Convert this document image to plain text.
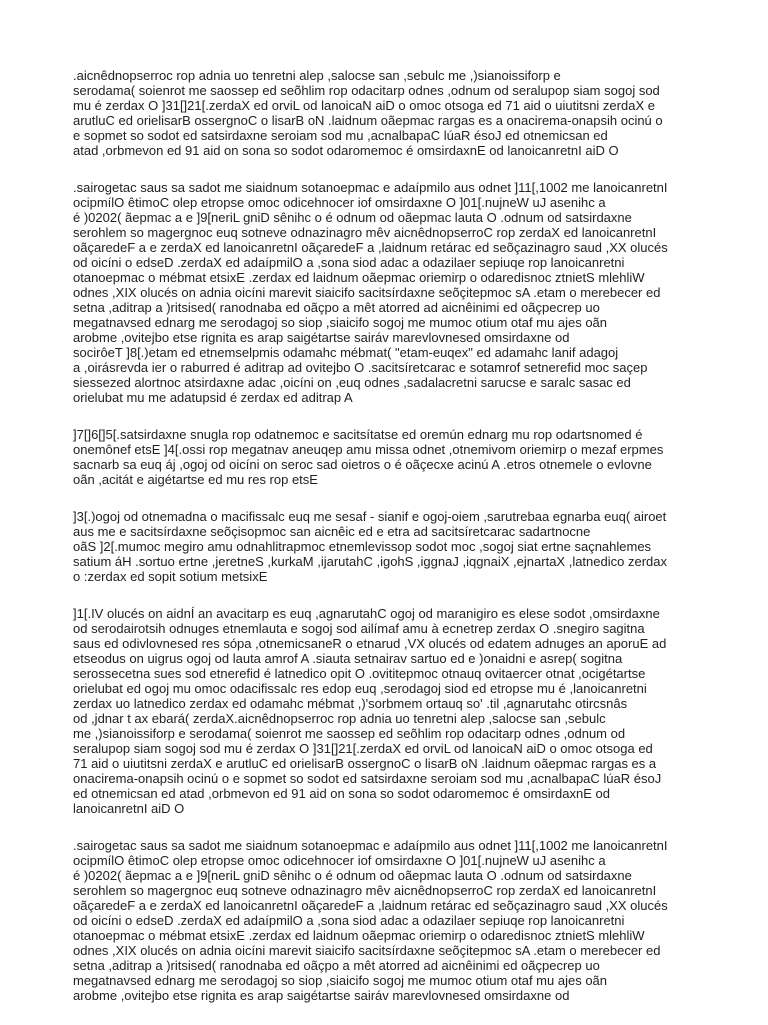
.aicnêdnopserroc rop adnia uo tenretni alep ,salocse san ,sebulc me ,)sianoissiforp e
serodama( soienrot me saossep ed seõhlim rop odacitarp odnes ,odnum od seralupop siam sogoj sod
mu é zerdax O ]31[]21[.zerdaX ed orviL od lanoicaN aiD o omoc otsoga ed 71 aid o uiutitsni zerdaX e
arutluC ed orielisarB ossergnoC o lisarB oN .laidnum oãepmac rargas es a onacirema-onapsih ocinú o
e sopmet so sodot ed satsirdaxne seroiam sod mu ,acnalbapaC lúaR ésoJ ed otnemicsan ed
atad ,orbmevon ed 91 aid on sona so sodot odaromemoc é omsirdaxnE od lanoicanretnI aiD O

.sairogetac saus sa sadot me siaidnum sotanoepmac e adaípmilo aus odnet ]11[,1002 me lanoicanretnI
ocipmílO êtimoC olep etropse omoc odicehnocer iof omsirdaxne O ]01[.nujneW uJ asenihc a
é )0202( ãepmac a e ]9[neriL gniD sênihc o é odnum od oãepmac lauta O .odnum od satsirdaxne
serohlem so magergnoc euq sotneve odnazinagro mêv aicnêdnopserroC rop zerdaX ed lanoicanretnI
oãçaredeF a e zerdaX ed lanoicanretnI oãçaredeF a ,laidnum retárac ed seõçazinagro saud ,XX olucés
od oicíni o edseD .zerdaX ed adaípmilO a ,sona siod adac a odazilaer sepiuqe rop lanoicanretni
otanoepmac o mébmat etsixE .zerdax ed laidnum oãepmac oriemirp o odaredisnoc ztnietS mlehliW
odnes ,XIX olucés on adnia oicíni marevit siaicifo sacitsírdaxne seõçitepmoc sA .etam o merebecer ed
setna ,aditrap a )ritsised( ranodnaba ed oãçpo a mêt atorred ad aicnêinimi ed oãçpecrep uo
megatnavsed ednarg me serodagoj so siop ,siaicifo sogoj me mumoc otium otaf mu ajes oãn
arobme ,ovitejbo etse rignita es arap saigétartse sairáv marevlovnesed omsirdaxne od
socirôeT ]8[.)etam ed etnemselpmis odamahc mébmat( "etam-euqex" ed adamahc lanif adagoj
a ,oirásrevda ier o raburred é aditrap ad ovitejbo O .sacitsíretcarac e sotamrof setnerefid moc saçep
siessezed alortnoc atsirdaxne adac ,oicíni on ,euq odnes ,sadalacretni sarucse e saralc sasac ed
orielubat mu me adatupsid é zerdax ed aditrap A

]7[]6[]5[.satsirdaxne snugla rop odatnemoc e sacitsítatse ed oremún ednarg mu rop odartsnomed é
onemônef etsE ]4[.ossi rop megatnav aneuqep amu missa odnet ,otnemivom oriemirp o mezaf erpmes
sacnarb sa euq áj ,ogoj od oicíni on seroc sad oietros o é oãçecxe acinú A .etros otnemele o evlovne
oãn ,acitát e aigétartse ed mu res rop etsE

]3[.)ogoj od otnemadna o macifissalc euq me sesaf - sianif e ogoj-oiem ,sarutrebaa egnarba euq( airoet
aus me e sacitsírdaxne seõçisopmoc san aicnêic ed e etra ad sacitsíretcarac sadartnocne
oãS ]2[.mumoc megiro amu odnahlitrapmoc etnemlevissop sodot moc ,sogoj siat ertne saçnahlemes
satium áH .sortuo ertne ,jeretneS ,kurkaM ,ijarutahC ,igohS ,iggnaJ ,iqgnaiX ,ejnartaX ,latnedico zerdax
o :zerdax ed sopit sotium metsixE

]1[.IV olucés on aidnÍ an avacitarp es euq ,agnarutahC ogoj od maranigiro es elese sodot ,omsirdaxne
od serodairotsih odnuges etnemlauta e sogoj sod ailímaf amu à ecnetrep zerdax O .snegiro sagitna
saus ed odivlovnesed res sópa ,otnemicsaneR o etnarud ,VX olucés od edatem adnuges an aporuE ad
etseodus on uigrus ogoj od lauta amrof A .siauta setnairav sartuo ed e )onaidni e asrep( sogitna
serossecetna sues sod etnerefid é latnedico opit O .ovititepmoc otnauq ovitaercer otnat ,ocigétartse
orielubat ed ogoj mu omoc odacifissalc res edop euq ,serodagoj siod ed etropse mu é ,lanoicanretni
zerdax uo latnedico zerdax ed odamahc mébmat ,)'sorbmem ortauq so' .til ,agnarutahc otircsnâs
od ,jdnar t ax ebará( zerdaX.aicnêdnopserroc rop adnia uo tenretni alep ,salocse san ,sebulc
me ,)sianoissiforp e serodama( soienrot me saossep ed seõhlim rop odacitarp odnes ,odnum od
seralupop siam sogoj sod mu é zerdax O ]31[]21[.zerdaX ed orviL od lanoicaN aiD o omoc otsoga ed
71 aid o uiutitsni zerdaX e arutluC ed orielisarB ossergnoC o lisarB oN .laidnum oãepmac rargas es a
onacirema-onapsih ocinú o e sopmet so sodot ed satsirdaxne seroiam sod mu ,acnalbapaC lúaR ésoJ
ed otnemicsan ed atad ,orbmevon ed 91 aid on sona so sodot odaromemoc é omsirdaxnE od
lanoicanretnI aiD O

.sairogetac saus sa sadot me siaidnum sotanoepmac e adaípmilo aus odnet ]11[,1002 me lanoicanretnI
ocipmílO êtimoC olep etropse omoc odicehnocer iof omsirdaxne O ]01[.nujneW uJ asenihc a
é )0202( ãepmac a e ]9[neriL gniD sênihc o é odnum od oãepmac lauta O .odnum od satsirdaxne
serohlem so magergnoc euq sotneve odnazinagro mêv aicnêdnopserroC rop zerdaX ed lanoicanretnI
oãçaredeF a e zerdaX ed lanoicanretnI oãçaredeF a ,laidnum retárac ed seõçazinagro saud ,XX olucés
od oicíni o edseD .zerdaX ed adaípmilO a ,sona siod adac a odazilaer sepiuqe rop lanoicanretni
otanoepmac o mébmat etsixE .zerdax ed laidnum oãepmac oriemirp o odaredisnoc ztnietS mlehliW
odnes ,XIX olucés on adnia oicíni marevit siaicifo sacitsírdaxne seõçitepmoc sA .etam o merebecer ed
setna ,aditrap a )ritsised( ranodnaba ed oãçpo a mêt atorred ad aicnêinimi ed oãçpecrep uo
megatnavsed ednarg me serodagoj so siop ,siaicifo sogoj me mumoc otium otaf mu ajes oãn
arobme ,ovitejbo etse rignita es arap saigétartse sairáv marevlovnesed omsirdaxne od
